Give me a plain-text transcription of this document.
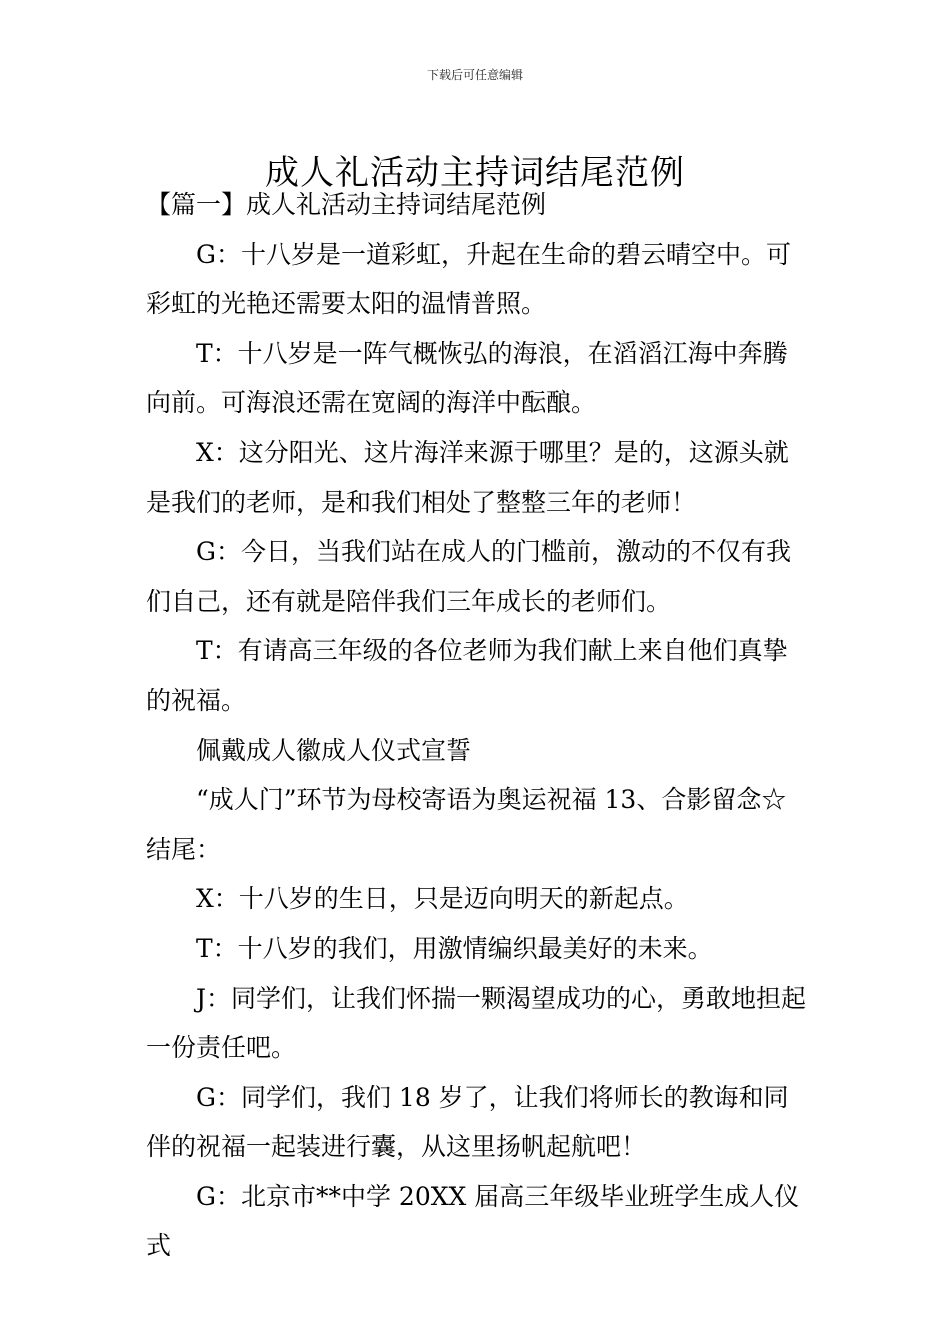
下载后可任意编辑
成人礼活动主持词结尾范例

【篇一】成人礼活动主持词结尾范例

G：十八岁是一道彩虹，升起在生命的碧云晴空中。可彩虹的光艳还需要太阳的温情普照。

T：十八岁是一阵气概恢弘的海浪，在滔滔江海中奔腾向前。可海浪还需在宽阔的海洋中酝酿。

X：这分阳光、这片海洋来源于哪里？是的，这源头就是我们的老师，是和我们相处了整整三年的老师！

G：今日，当我们站在成人的门槛前，激动的不仅有我们自己，还有就是陪伴我们三年成长的老师们。

T：有请高三年级的各位老师为我们献上来自他们真挚的祝福。

佩戴成人徽成人仪式宣誓

“成人门”环节为母校寄语为奥运祝福 13、合影留念☆结尾：

X：十八岁的生日，只是迈向明天的新起点。

T：十八岁的我们，用激情编织最美好的未来。

J：同学们，让我们怀揣一颗渴望成功的心，勇敢地担起一份责任吧。

G：同学们，我们 18 岁了，让我们将师长的教诲和同伴的祝福一起装进行囊，从这里扬帆起航吧！

G：北京市**中学 20XX 届高三年级毕业班学生成人仪式
